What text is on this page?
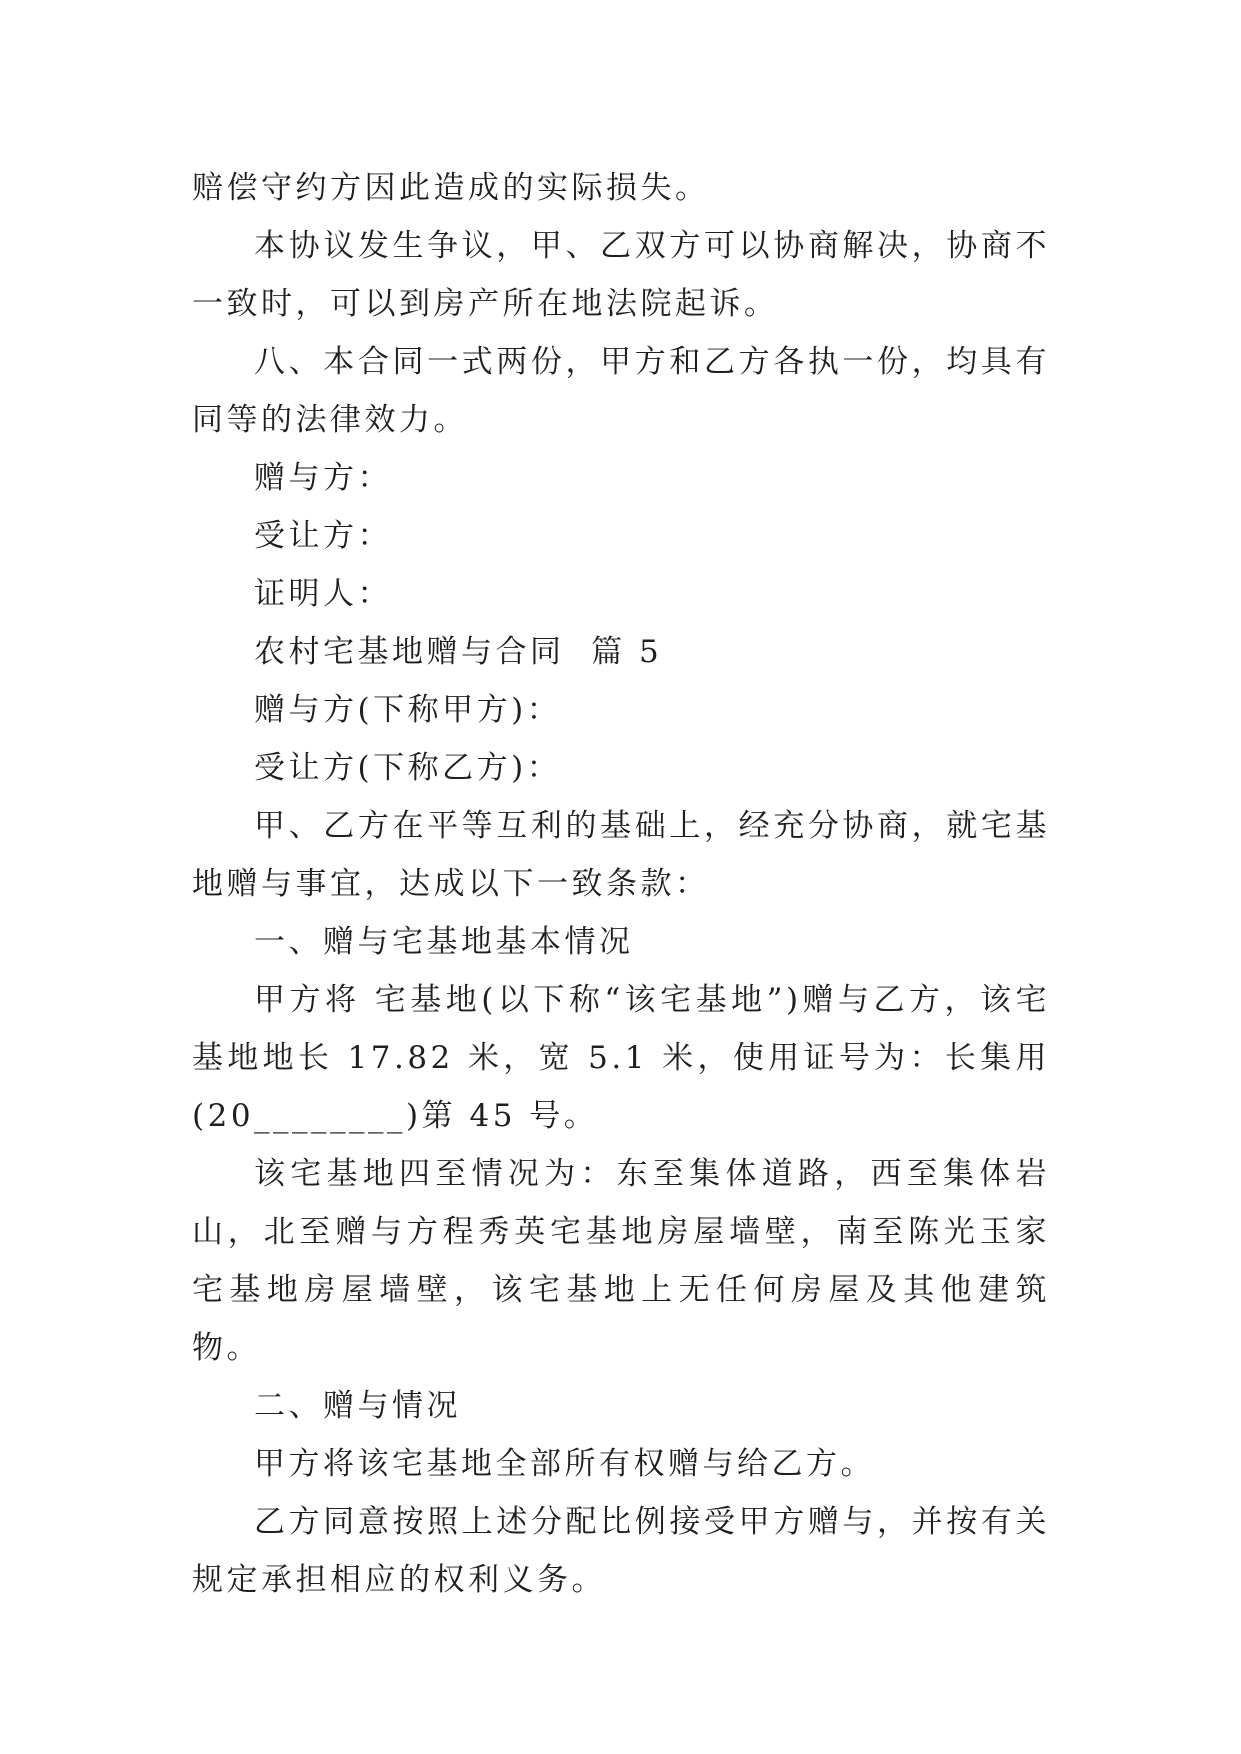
赔偿守约方因此造成的实际损失。

本协议发生争议，甲、乙双方可以协商解决，协商不一致时，可以到房产所在地法院起诉。

八、本合同一式两份，甲方和乙方各执一份，均具有同等的法律效力。

赠与方：

受让方：

证明人：

农村宅基地赠与合同  篇 5

赠与方(下称甲方)：

受让方(下称乙方)：

甲、乙方在平等互利的基础上，经充分协商，就宅基地赠与事宜，达成以下一致条款：

一、赠与宅基地基本情况

甲方将 宅基地(以下称“该宅基地”)赠与乙方，该宅基地地长 17.82 米，宽 5.1 米，使用证号为：长集用(20________)第 45 号。

该宅基地四至情况为：东至集体道路，西至集体岩山，北至赠与方程秀英宅基地房屋墙壁，南至陈光玉家宅基地房屋墙壁，该宅基地上无任何房屋及其他建筑物。

二、赠与情况

甲方将该宅基地全部所有权赠与给乙方。

乙方同意按照上述分配比例接受甲方赠与，并按有关规定承担相应的权利义务。
